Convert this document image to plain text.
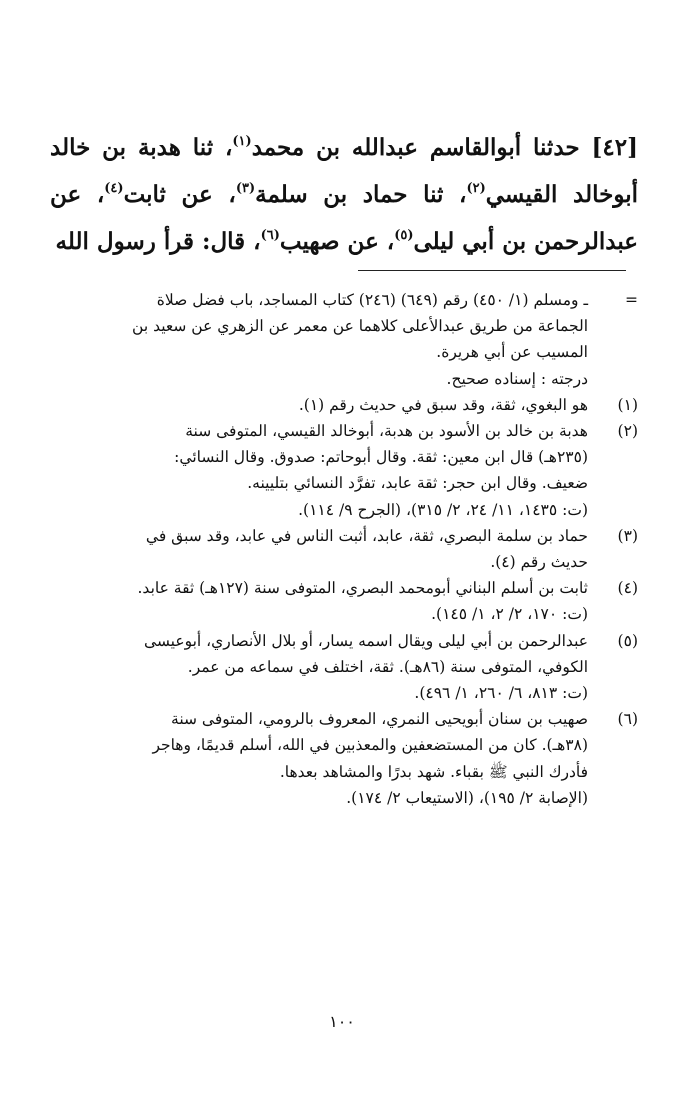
[٤٢] حدثنا أبوالقاسم عبدالله بن محمد$^{(١)}$، ثنا هدبة بن خالد أبوخالد القيسي$^{(٢)}$، ثنا حماد بن سلمة$^{(٣)}$، عن ثابت$^{(٤)}$، عن عبدالرحمن بن أبي ليلى$^{(٥)}$، عن صهيب$^{(٦)}$، قال: قرأ رسول الله
=
ـ ومسلم (١/ ٤٥٠) رقم (٦٤٩) (٢٤٦) كتاب المساجد، باب فضل صلاة
الجماعة من طريق عبدالأعلى كلاهما عن معمر عن الزهري عن سعيد بن
المسيب عن أبي هريرة.
درجته : إسناده صحيح.
(١)
هو البغوي، ثقة، وقد سبق في حديث رقم (١).
(٢)
هدبة بن خالد بن الأسود بن هدبة، أبوخالد القيسي، المتوفى سنة
(٢٣٥هـ) قال ابن معين: ثقة. وقال أبوحاتم: صدوق. وقال النسائي:
ضعيف. وقال ابن حجر: ثقة عابد، تفرَّد النسائي بتليينه.
(ت: ١٤٣٥، ١١/ ٢٤، ٢/ ٣١٥)، (الجرح ٩/ ١١٤).
(٣)
حماد بن سلمة البصري، ثقة، عابد، أثبت الناس في عابد، وقد سبق في
حديث رقم (٤).
(٤)
ثابت بن أسلم البناني أبومحمد البصري، المتوفى سنة (١٢٧هـ) ثقة عابد.
(ت: ١٧٠، ٢/ ٢، ١/ ١٤٥).
(٥)
عبدالرحمن بن أبي ليلى ويقال اسمه يسار، أو بلال الأنصاري، أبوعيسى
الكوفي، المتوفى سنة (٨٦هـ). ثقة، اختلف في سماعه من عمر.
(ت: ٨١٣، ٦/ ٢٦٠، ١/ ٤٩٦).
(٦)
صهيب بن سنان أبويحيى النمري، المعروف بالرومي، المتوفى سنة
(٣٨هـ). كان من المستضعفين والمعذبين في الله، أسلم قديمًا، وهاجر
فأدرك النبي ﷺ بقباء. شهد بدرًا والمشاهد بعدها.
(الإصابة ٢/ ١٩٥)، (الاستيعاب ٢/ ١٧٤).
١٠٠
